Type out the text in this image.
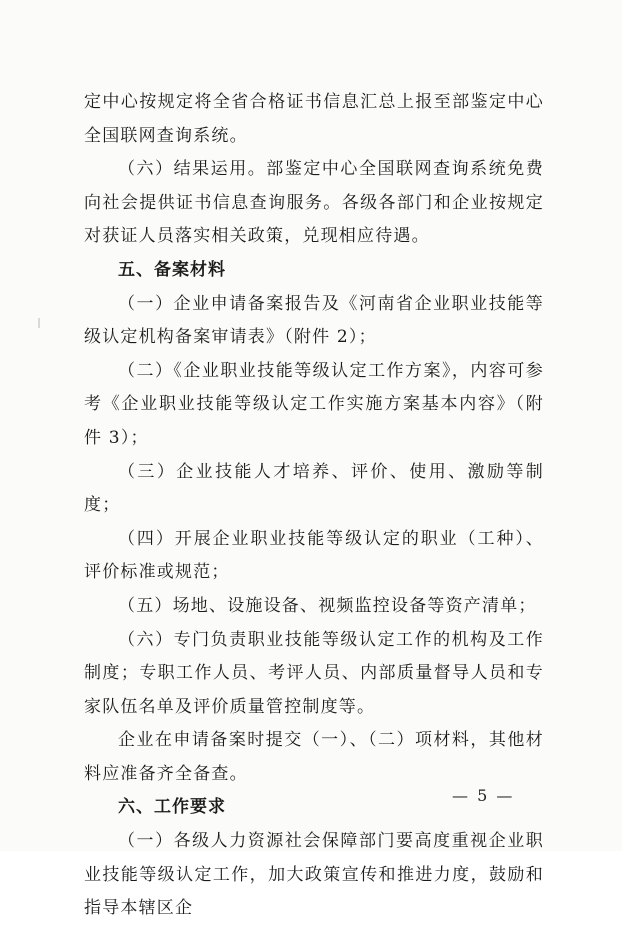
定中心按规定将全省合格证书信息汇总上报至部鉴定中心全国联网查询系统。

（六）结果运用。部鉴定中心全国联网查询系统免费向社会提供证书信息查询服务。各级各部门和企业按规定对获证人员落实相关政策，兑现相应待遇。

五、备案材料

（一）企业申请备案报告及《河南省企业职业技能等级认定机构备案审请表》（附件 2）；

（二）《企业职业技能等级认定工作方案》，内容可参考《企业职业技能等级认定工作实施方案基本内容》（附件 3）；

（三）企业技能人才培养、评价、使用、激励等制度；

（四）开展企业职业技能等级认定的职业（工种）、评价标准或规范；

（五）场地、设施设备、视频监控设备等资产清单；

（六）专门负责职业技能等级认定工作的机构及工作制度；专职工作人员、考评人员、内部质量督导人员和专家队伍名单及评价质量管控制度等。

企业在申请备案时提交（一）、（二）项材料，其他材料应准备齐全备查。

六、工作要求

（一）各级人力资源社会保障部门要高度重视企业职业技能等级认定工作，加大政策宣传和推进力度，鼓励和指导本辖区企

— 5 —
